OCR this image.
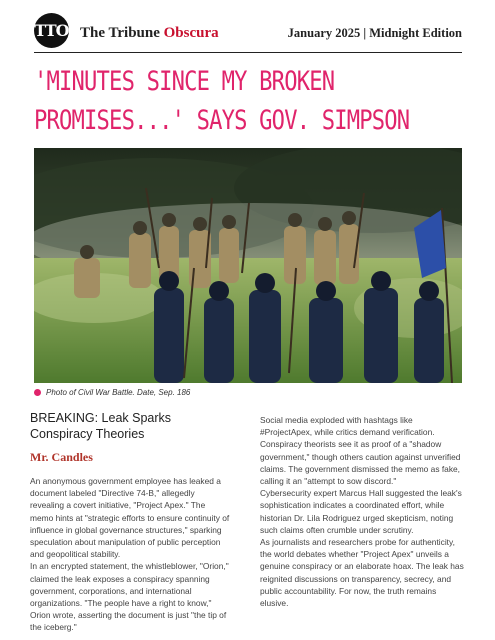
TTO The Tribune Obscura	January 2025 | Midnight Edition
'MINUTES SINCE MY BROKEN
PROMISES...' SAYS GOV. SIMPSON
Photo of Civil War Battle. Date, Sep. 186
BREAKING: Leak Sparks Conspiracy Theories
Mr. Candles

An anonymous government employee has leaked a document labeled "Directive 74-B," allegedly revealing a covert initiative, "Project Apex." The memo hints at "strategic efforts to ensure continuity of influence in global governance structures," sparking speculation about manipulation of public perception and geopolitical stability.

In an encrypted statement, the whistleblower, "Orion," claimed the leak exposes a conspiracy spanning government, corporations, and international organizations. "The people have a right to know," Orion wrote, asserting the document is just "the tip of the iceberg."

Social media exploded with hashtags like #ProjectApex, while critics demand verification. Conspiracy theorists see it as proof of a "shadow government," though others caution against unverified claims. The government dismissed the memo as fake, calling it an "attempt to sow discord."

Cybersecurity expert Marcus Hall suggested the leak's sophistication indicates a coordinated effort, while historian Dr. Lila Rodriguez urged skepticism, noting such claims often crumble under scrutiny.

As journalists and researchers probe for authenticity, the world debates whether "Project Apex" unveils a genuine conspiracy or an elaborate hoax. The leak has reignited discussions on transparency, secrecy, and public accountability. For now, the truth remains elusive.
